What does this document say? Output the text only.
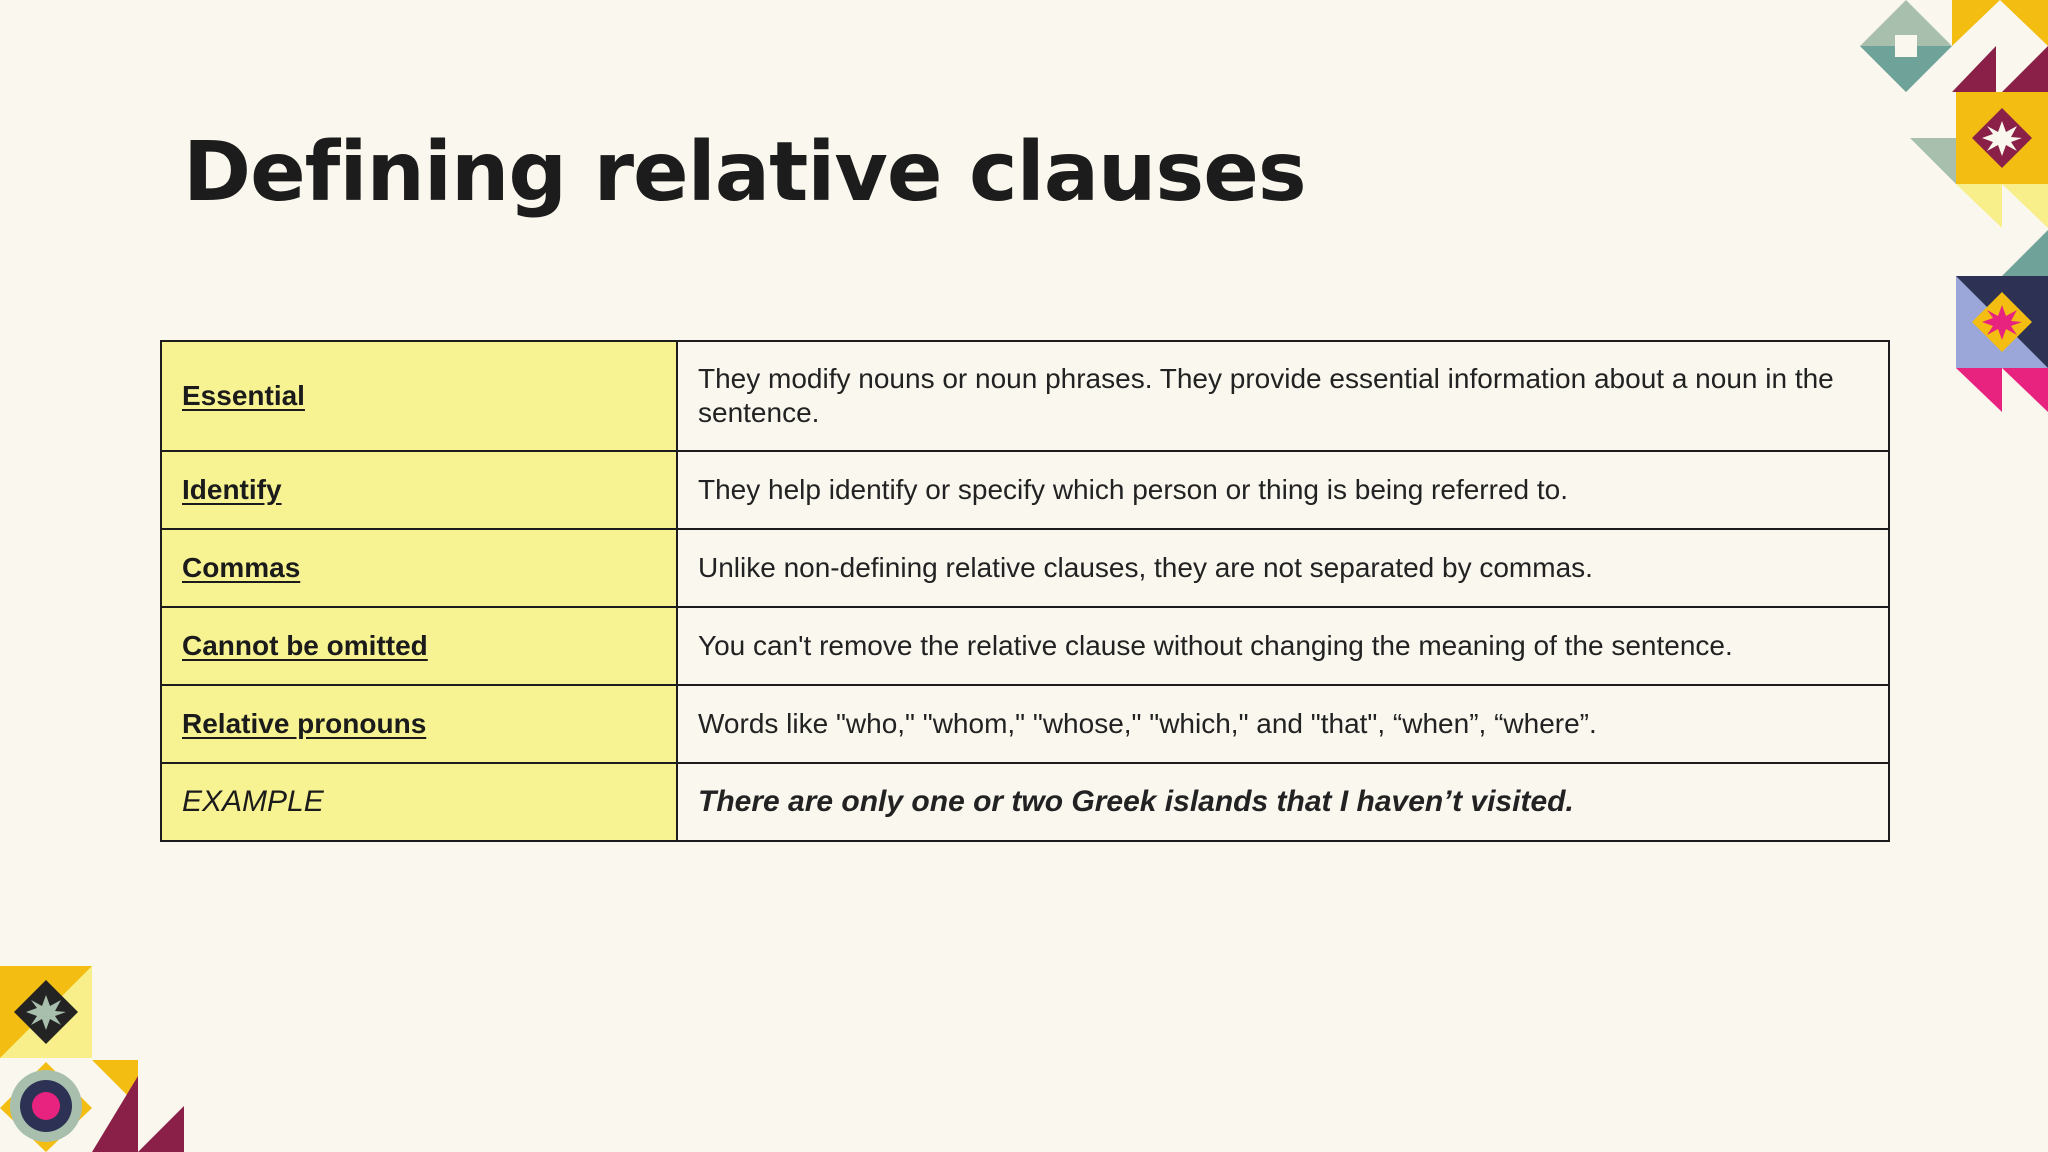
Defining relative clauses
Essential	They modify nouns or noun phrases. They provide essential information about a noun in the sentence.
Identify	They help identify or specify which person or thing is being referred to.
Commas	Unlike non-defining relative clauses, they are not separated by commas.
Cannot be omitted	You can't remove the relative clause without changing the meaning of the sentence.
Relative pronouns	Words like "who," "whom," "whose," "which," and "that", “when”, “where”.
EXAMPLE	There are only one or two Greek islands that I haven’t visited.
